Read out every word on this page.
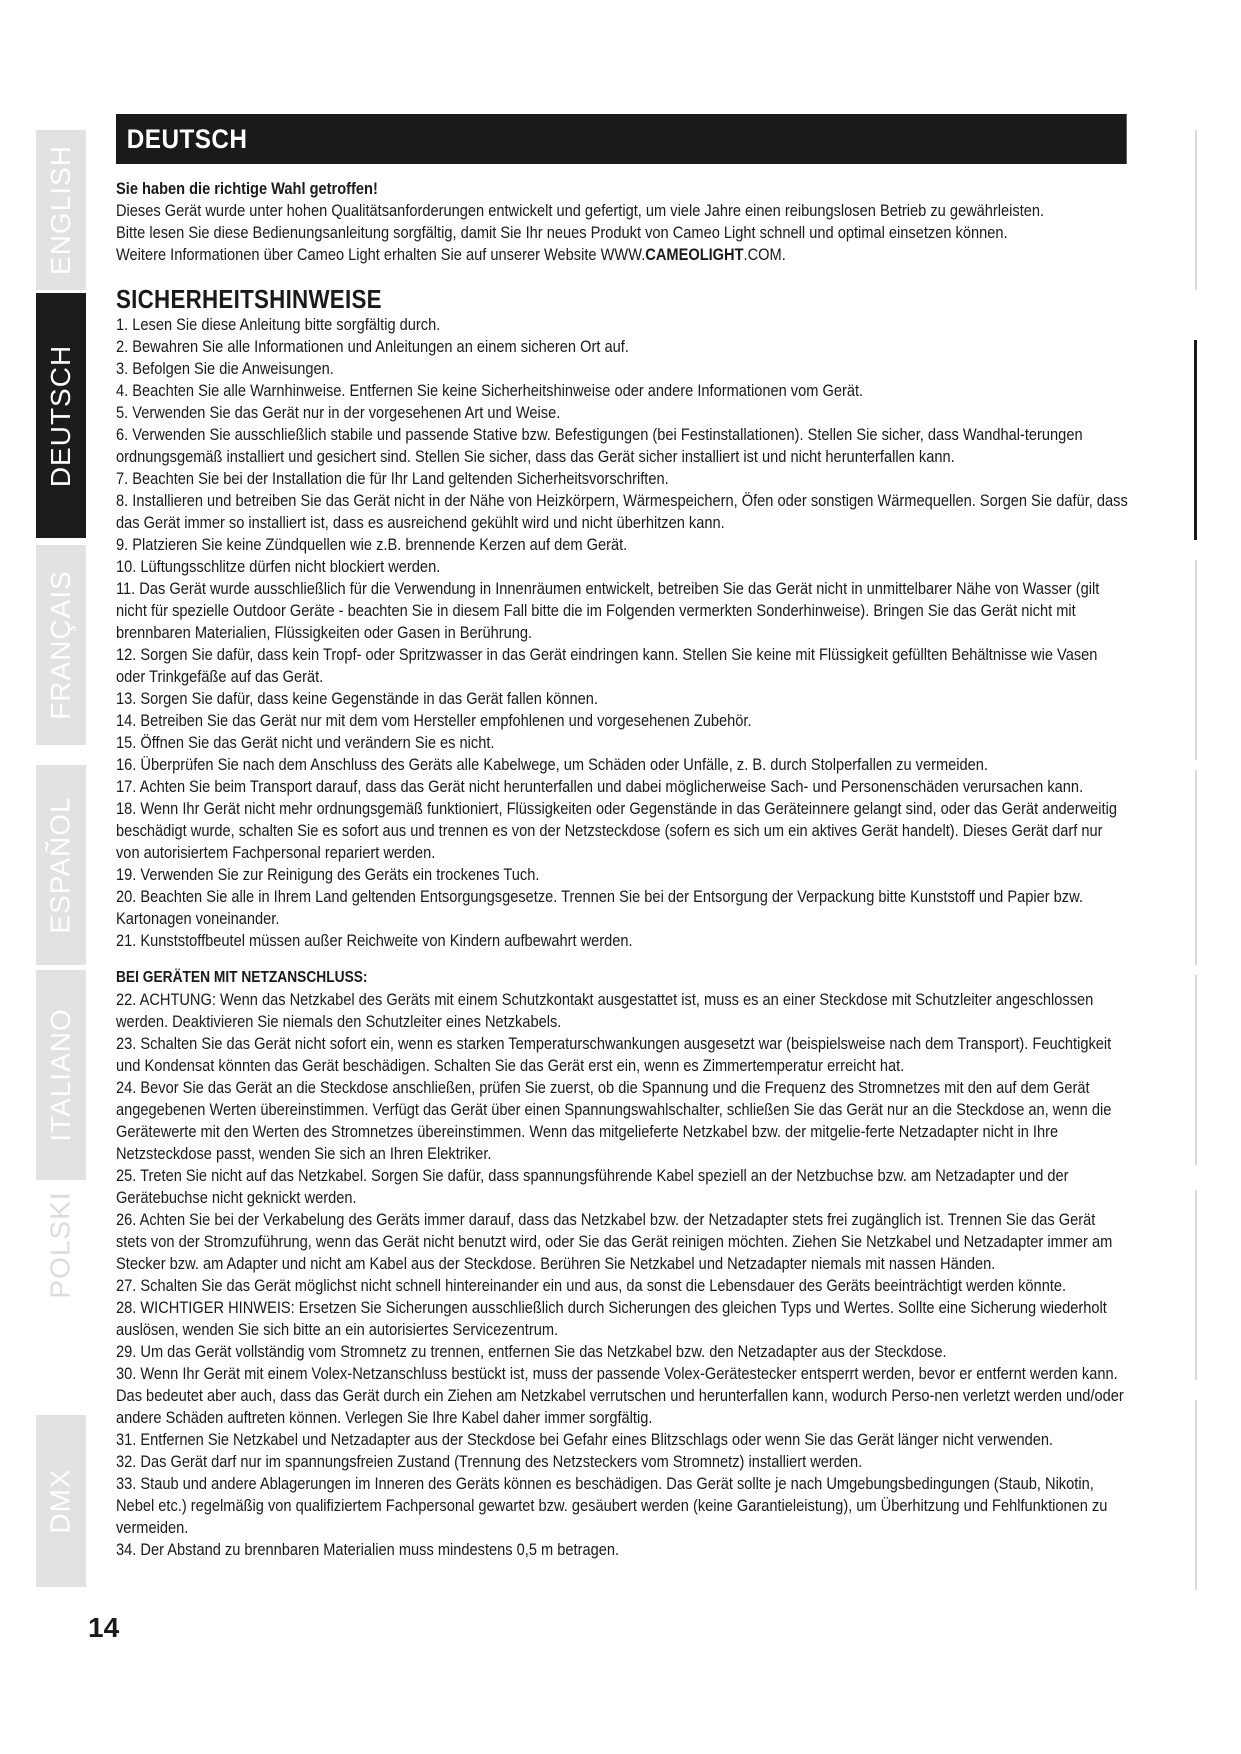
ENGLISH
DEUTSCH
FRANÇAIS
ESPAÑOL
ITALIANO
POLSKI
DMX
DEUTSCH
Sie haben die richtige Wahl getroffen!

Dieses Gerät wurde unter hohen Qualitätsanforderungen entwickelt und gefertigt, um viele Jahre einen reibungslosen Betrieb zu gewährleisten.

Bitte lesen Sie diese Bedienungsanleitung sorgfältig, damit Sie Ihr neues Produkt von Cameo Light schnell und optimal einsetzen können.

Weitere Informationen über Cameo Light erhalten Sie auf unserer Website WWW.CAMEOLIGHT.COM.

SICHERHEITSHINWEISE
1. Lesen Sie diese Anleitung bitte sorgfältig durch.
2. Bewahren Sie alle Informationen und Anleitungen an einem sicheren Ort auf.
3. Befolgen Sie die Anweisungen.
4. Beachten Sie alle Warnhinweise. Entfernen Sie keine Sicherheitshinweise oder andere Informationen vom Gerät.
5. Verwenden Sie das Gerät nur in der vorgesehenen Art und Weise.
6. Verwenden Sie ausschließlich stabile und passende Stative bzw. Befestigungen (bei Festinstallationen). Stellen Sie sicher, dass Wandhal-terungen ordnungsgemäß installiert und gesichert sind. Stellen Sie sicher, dass das Gerät sicher installiert ist und nicht herunterfallen kann.
7. Beachten Sie bei der Installation die für Ihr Land geltenden Sicherheitsvorschriften.
8. Installieren und betreiben Sie das Gerät nicht in der Nähe von Heizkörpern, Wärmespeichern, Öfen oder sonstigen Wärmequellen. Sorgen Sie dafür, dass das Gerät immer so installiert ist, dass es ausreichend gekühlt wird und nicht überhitzen kann.
9. Platzieren Sie keine Zündquellen wie z.B. brennende Kerzen auf dem Gerät.
10. Lüftungsschlitze dürfen nicht blockiert werden.
11. Das Gerät wurde ausschließlich für die Verwendung in Innenräumen entwickelt, betreiben Sie das Gerät nicht in unmittelbarer Nähe von Wasser (gilt nicht für spezielle Outdoor Geräte - beachten Sie in diesem Fall bitte die im Folgenden vermerkten Sonderhinweise). Bringen Sie das Gerät nicht mit brennbaren Materialien, Flüssigkeiten oder Gasen in Berührung.
12. Sorgen Sie dafür, dass kein Tropf- oder Spritzwasser in das Gerät eindringen kann. Stellen Sie keine mit Flüssigkeit gefüllten Behältnisse wie Vasen oder Trinkgefäße auf das Gerät.
13. Sorgen Sie dafür, dass keine Gegenstände in das Gerät fallen können.
14. Betreiben Sie das Gerät nur mit dem vom Hersteller empfohlenen und vorgesehenen Zubehör.
15. Öffnen Sie das Gerät nicht und verändern Sie es nicht.
16. Überprüfen Sie nach dem Anschluss des Geräts alle Kabelwege, um Schäden oder Unfälle, z. B. durch Stolperfallen zu vermeiden.
17. Achten Sie beim Transport darauf, dass das Gerät nicht herunterfallen und dabei möglicherweise Sach- und Personenschäden verursachen kann.
18. Wenn Ihr Gerät nicht mehr ordnungsgemäß funktioniert, Flüssigkeiten oder Gegenstände in das Geräteinnere gelangt sind, oder das Gerät anderweitig beschädigt wurde, schalten Sie es sofort aus und trennen es von der Netzsteckdose (sofern es sich um ein aktives Gerät handelt). Dieses Gerät darf nur von autorisiertem Fachpersonal repariert werden.
19. Verwenden Sie zur Reinigung des Geräts ein trockenes Tuch.
20. Beachten Sie alle in Ihrem Land geltenden Entsorgungsgesetze. Trennen Sie bei der Entsorgung der Verpackung bitte Kunststoff und Papier bzw. Kartonagen voneinander.
21. Kunststoffbeutel müssen außer Reichweite von Kindern aufbewahrt werden.
BEI GERÄTEN MIT NETZANSCHLUSS:
22. ACHTUNG: Wenn das Netzkabel des Geräts mit einem Schutzkontakt ausgestattet ist, muss es an einer Steckdose mit Schutzleiter angeschlossen werden. Deaktivieren Sie niemals den Schutzleiter eines Netzkabels.
23. Schalten Sie das Gerät nicht sofort ein, wenn es starken Temperaturschwankungen ausgesetzt war (beispielsweise nach dem Transport). Feuchtigkeit und Kondensat könnten das Gerät beschädigen. Schalten Sie das Gerät erst ein, wenn es Zimmertemperatur erreicht hat.
24. Bevor Sie das Gerät an die Steckdose anschließen, prüfen Sie zuerst, ob die Spannung und die Frequenz des Stromnetzes mit den auf dem Gerät angegebenen Werten übereinstimmen. Verfügt das Gerät über einen Spannungswahlschalter, schließen Sie das Gerät nur an die Steckdose an, wenn die Gerätewerte mit den Werten des Stromnetzes übereinstimmen. Wenn das mitgelieferte Netzkabel bzw. der mitgelie-ferte Netzadapter nicht in Ihre Netzsteckdose passt, wenden Sie sich an Ihren Elektriker.
25. Treten Sie nicht auf das Netzkabel. Sorgen Sie dafür, dass spannungsführende Kabel speziell an der Netzbuchse bzw. am Netzadapter und der Gerätebuchse nicht geknickt werden.
26. Achten Sie bei der Verkabelung des Geräts immer darauf, dass das Netzkabel bzw. der Netzadapter stets frei zugänglich ist. Trennen Sie das Gerät stets von der Stromzuführung, wenn das Gerät nicht benutzt wird, oder Sie das Gerät reinigen möchten. Ziehen Sie Netzkabel und Netzadapter immer am Stecker bzw. am Adapter und nicht am Kabel aus der Steckdose. Berühren Sie Netzkabel und Netzadapter niemals mit nassen Händen.
27. Schalten Sie das Gerät möglichst nicht schnell hintereinander ein und aus, da sonst die Lebensdauer des Geräts beeinträchtigt werden könnte.
28. WICHTIGER HINWEIS: Ersetzen Sie Sicherungen ausschließlich durch Sicherungen des gleichen Typs und Wertes. Sollte eine Sicherung wiederholt auslösen, wenden Sie sich bitte an ein autorisiertes Servicezentrum.
29. Um das Gerät vollständig vom Stromnetz zu trennen, entfernen Sie das Netzkabel bzw. den Netzadapter aus der Steckdose.
30. Wenn Ihr Gerät mit einem Volex-Netzanschluss bestückt ist, muss der passende Volex-Gerätestecker entsperrt werden, bevor er entfernt werden kann. Das bedeutet aber auch, dass das Gerät durch ein Ziehen am Netzkabel verrutschen und herunterfallen kann, wodurch Perso-nen verletzt werden und/oder andere Schäden auftreten können. Verlegen Sie Ihre Kabel daher immer sorgfältig.
31. Entfernen Sie Netzkabel und Netzadapter aus der Steckdose bei Gefahr eines Blitzschlags oder wenn Sie das Gerät länger nicht verwenden.
32. Das Gerät darf nur im spannungsfreien Zustand (Trennung des Netzsteckers vom Stromnetz) installiert werden.
33. Staub und andere Ablagerungen im Inneren des Geräts können es beschädigen. Das Gerät sollte je nach Umgebungsbedingungen (Staub, Nikotin, Nebel etc.) regelmäßig von qualifiziertem Fachpersonal gewartet bzw. gesäubert werden (keine Garantieleistung), um Überhitzung und Fehlfunktionen zu vermeiden.
34. Der Abstand zu brennbaren Materialien muss mindestens 0,5 m betragen.
14
